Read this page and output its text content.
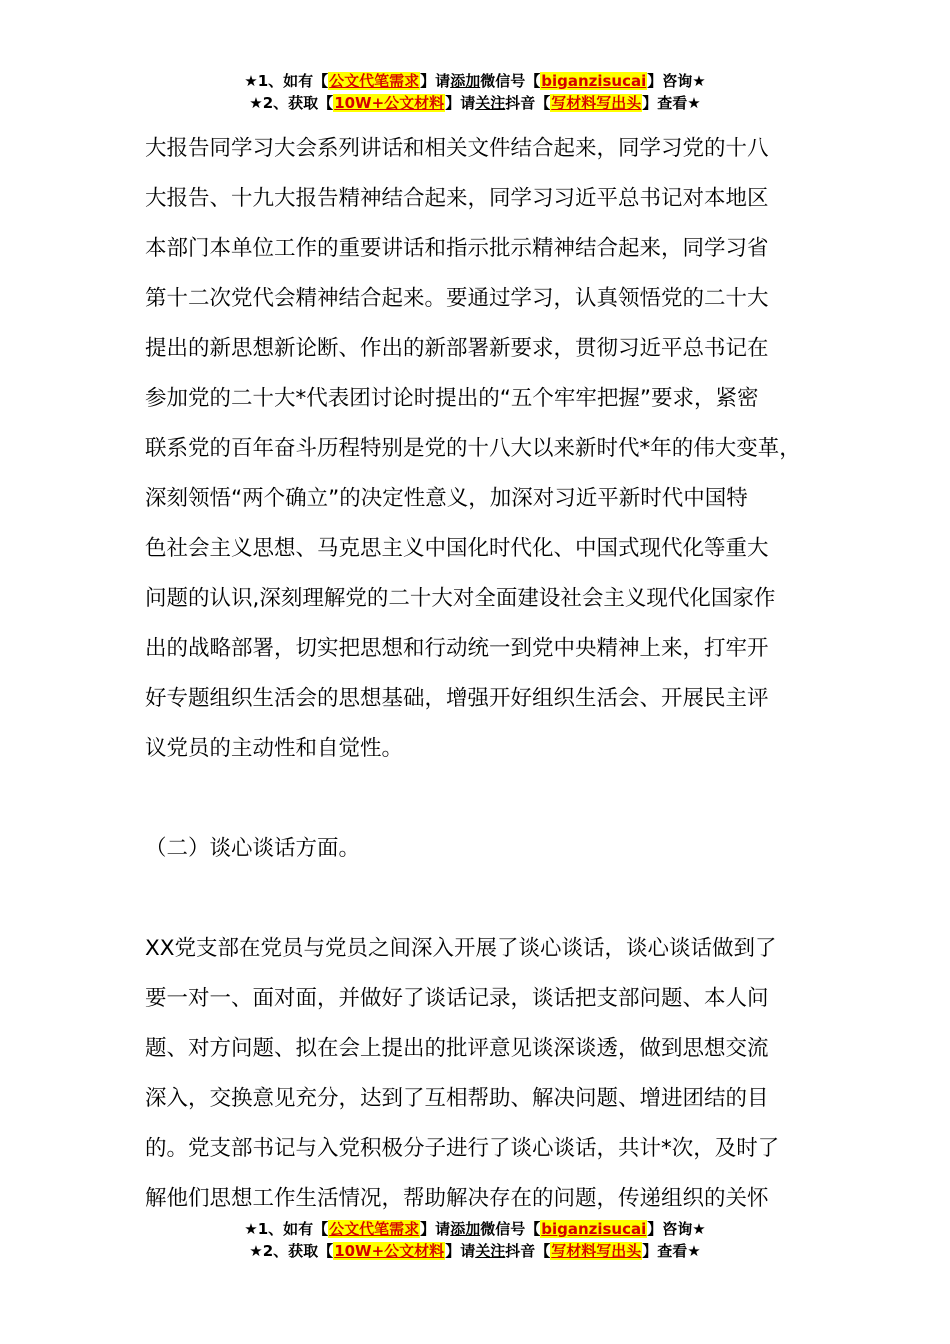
★1、如有【公文代笔需求】请添加微信号【biganzisucai】咨询★
★2、获取【10W+公文材料】请关注抖音【写材料写出头】查看★
大报告同学习大会系列讲话和相关文件结合起来，同学习党的十八
大报告、十九大报告精神结合起来，同学习习近平总书记对本地区
本部门本单位工作的重要讲话和指示批示精神结合起来，同学习省
第十二次党代会精神结合起来。要通过学习，认真领悟党的二十大
提出的新思想新论断、作出的新部署新要求，贯彻习近平总书记在
参加党的二十大*代表团讨论时提出的“五个牢牢把握”要求，紧密
联系党的百年奋斗历程特别是党的十八大以来新时代*年的伟大变革，
深刻领悟“两个确立”的决定性意义，加深对习近平新时代中国特
色社会主义思想、马克思主义中国化时代化、中国式现代化等重大
问题的认识,深刻理解党的二十大对全面建设社会主义现代化国家作
出的战略部署，切实把思想和行动统一到党中央精神上来，打牢开
好专题组织生活会的思想基础，增强开好组织生活会、开展民主评
议党员的主动性和自觉性。
（二）谈心谈话方面。
XX党支部在党员与党员之间深入开展了谈心谈话，谈心谈话做到了
要一对一、面对面，并做好了谈话记录，谈话把支部问题、本人问
题、对方问题、拟在会上提出的批评意见谈深谈透，做到思想交流
深入，交换意见充分，达到了互相帮助、解决问题、增进团结的目
的。党支部书记与入党积极分子进行了谈心谈话，共计*次，及时了
解他们思想工作生活情况，帮助解决存在的问题，传递组织的关怀
★1、如有【公文代笔需求】请添加微信号【biganzisucai】咨询★
★2、获取【10W+公文材料】请关注抖音【写材料写出头】查看★
